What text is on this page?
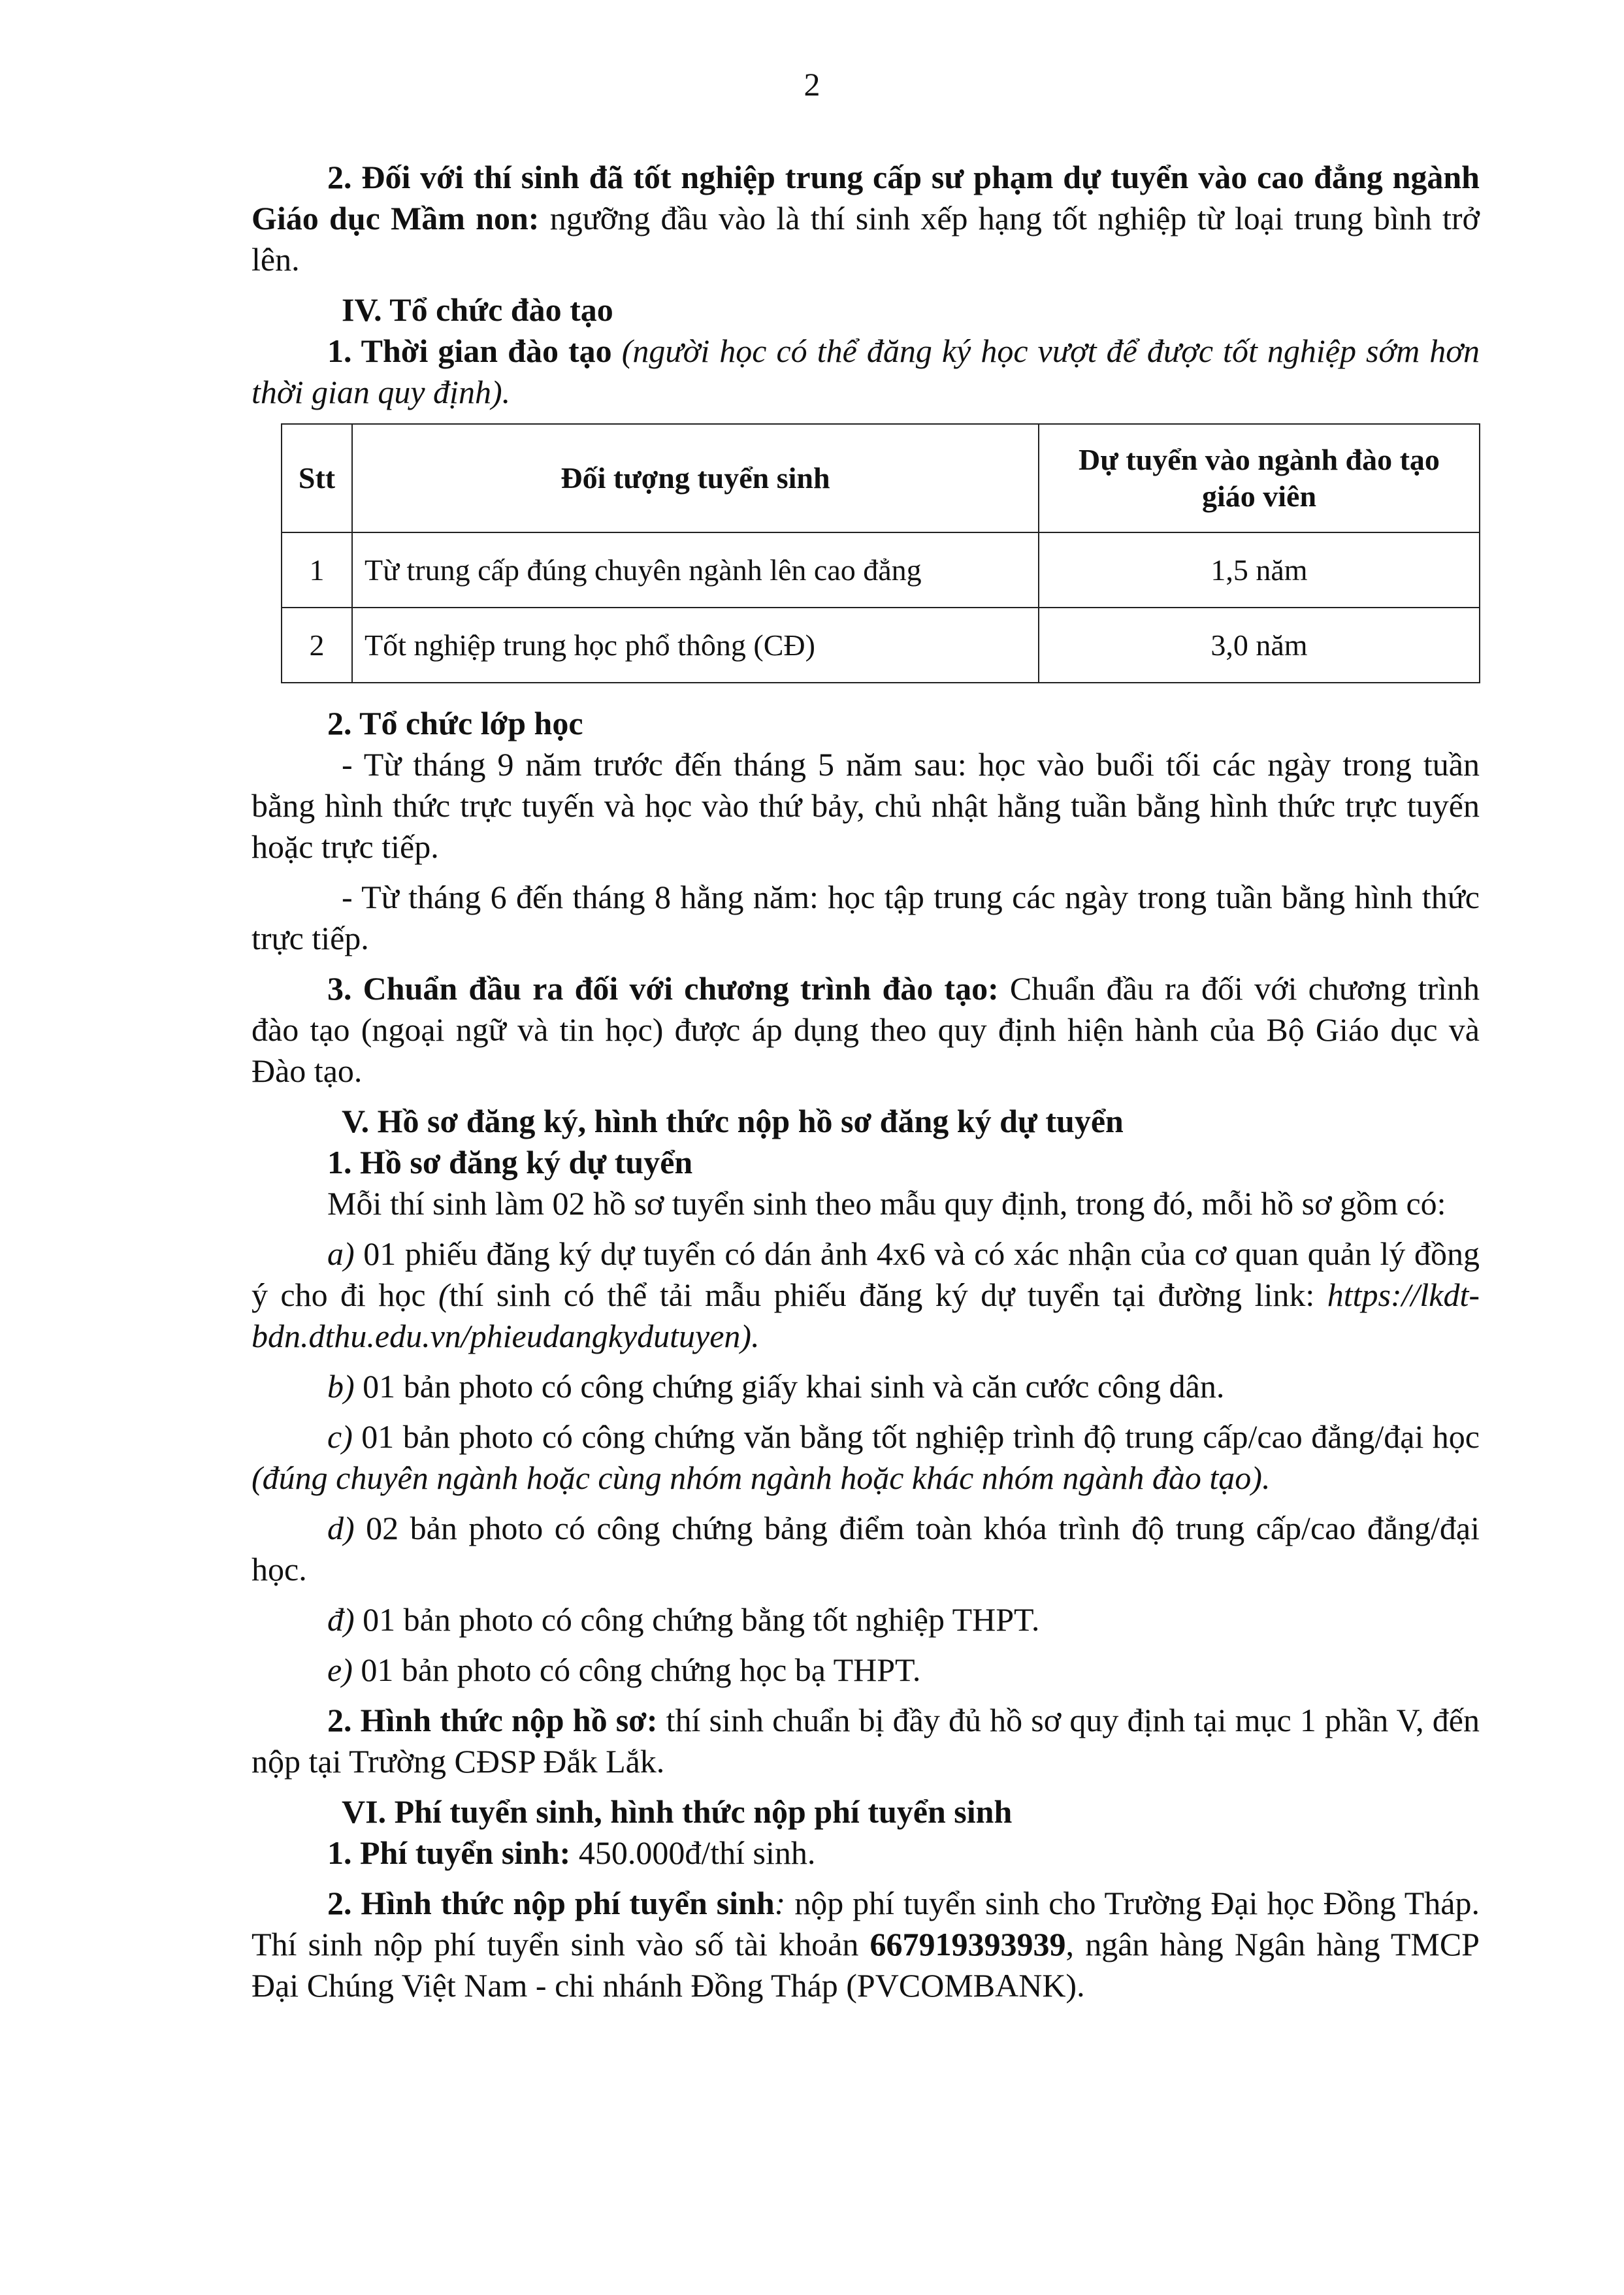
2

2. Đối với thí sinh đã tốt nghiệp trung cấp sư phạm dự tuyển vào cao đẳng ngành Giáo dục Mầm non: ngưỡng đầu vào là thí sinh xếp hạng tốt nghiệp từ loại trung bình trở lên.

IV. Tổ chức đào tạo

1. Thời gian đào tạo (người học có thể đăng ký học vượt để được tốt nghiệp sớm hơn thời gian quy định).

Stt	Đối tượng tuyển sinh	Dự tuyển vào ngành đào tạo giáo viên
1	Từ trung cấp đúng chuyên ngành lên cao đẳng	1,5 năm
2	Tốt nghiệp trung học phổ thông (CĐ)	3,0 năm

2. Tổ chức lớp học

- Từ tháng 9 năm trước đến tháng 5 năm sau: học vào buổi tối các ngày trong tuần bằng hình thức trực tuyến và học vào thứ bảy, chủ nhật hằng tuần bằng hình thức trực tuyến hoặc trực tiếp.

- Từ tháng 6 đến tháng 8 hằng năm: học tập trung các ngày trong tuần bằng hình thức trực tiếp.

3. Chuẩn đầu ra đối với chương trình đào tạo: Chuẩn đầu ra đối với chương trình đào tạo (ngoại ngữ và tin học) được áp dụng theo quy định hiện hành của Bộ Giáo dục và Đào tạo.

V. Hồ sơ đăng ký, hình thức nộp hồ sơ đăng ký dự tuyển

1. Hồ sơ đăng ký dự tuyển

Mỗi thí sinh làm 02 hồ sơ tuyển sinh theo mẫu quy định, trong đó, mỗi hồ sơ gồm có:

a) 01 phiếu đăng ký dự tuyển có dán ảnh 4x6 và có xác nhận của cơ quan quản lý đồng ý cho đi học (thí sinh có thể tải mẫu phiếu đăng ký dự tuyển tại đường link: https://lkdt-bdn.dthu.edu.vn/phieudangkydutuyen).

b) 01 bản photo có công chứng giấy khai sinh và căn cước công dân.

c) 01 bản photo có công chứng văn bằng tốt nghiệp trình độ trung cấp/cao đẳng/đại học (đúng chuyên ngành hoặc cùng nhóm ngành hoặc khác nhóm ngành đào tạo).

d) 02 bản photo có công chứng bảng điểm toàn khóa trình độ trung cấp/cao đẳng/đại học.

đ) 01 bản photo có công chứng bằng tốt nghiệp THPT.

e) 01 bản photo có công chứng học bạ THPT.

2. Hình thức nộp hồ sơ: thí sinh chuẩn bị đầy đủ hồ sơ quy định tại mục 1 phần V, đến nộp tại Trường CĐSP Đắk Lắk.

VI. Phí tuyển sinh, hình thức nộp phí tuyển sinh

1. Phí tuyển sinh: 450.000đ/thí sinh.

2. Hình thức nộp phí tuyển sinh: nộp phí tuyển sinh cho Trường Đại học Đồng Tháp. Thí sinh nộp phí tuyển sinh vào số tài khoản 667919393939, ngân hàng Ngân hàng TMCP Đại Chúng Việt Nam - chi nhánh Đồng Tháp (PVCOMBANK).
